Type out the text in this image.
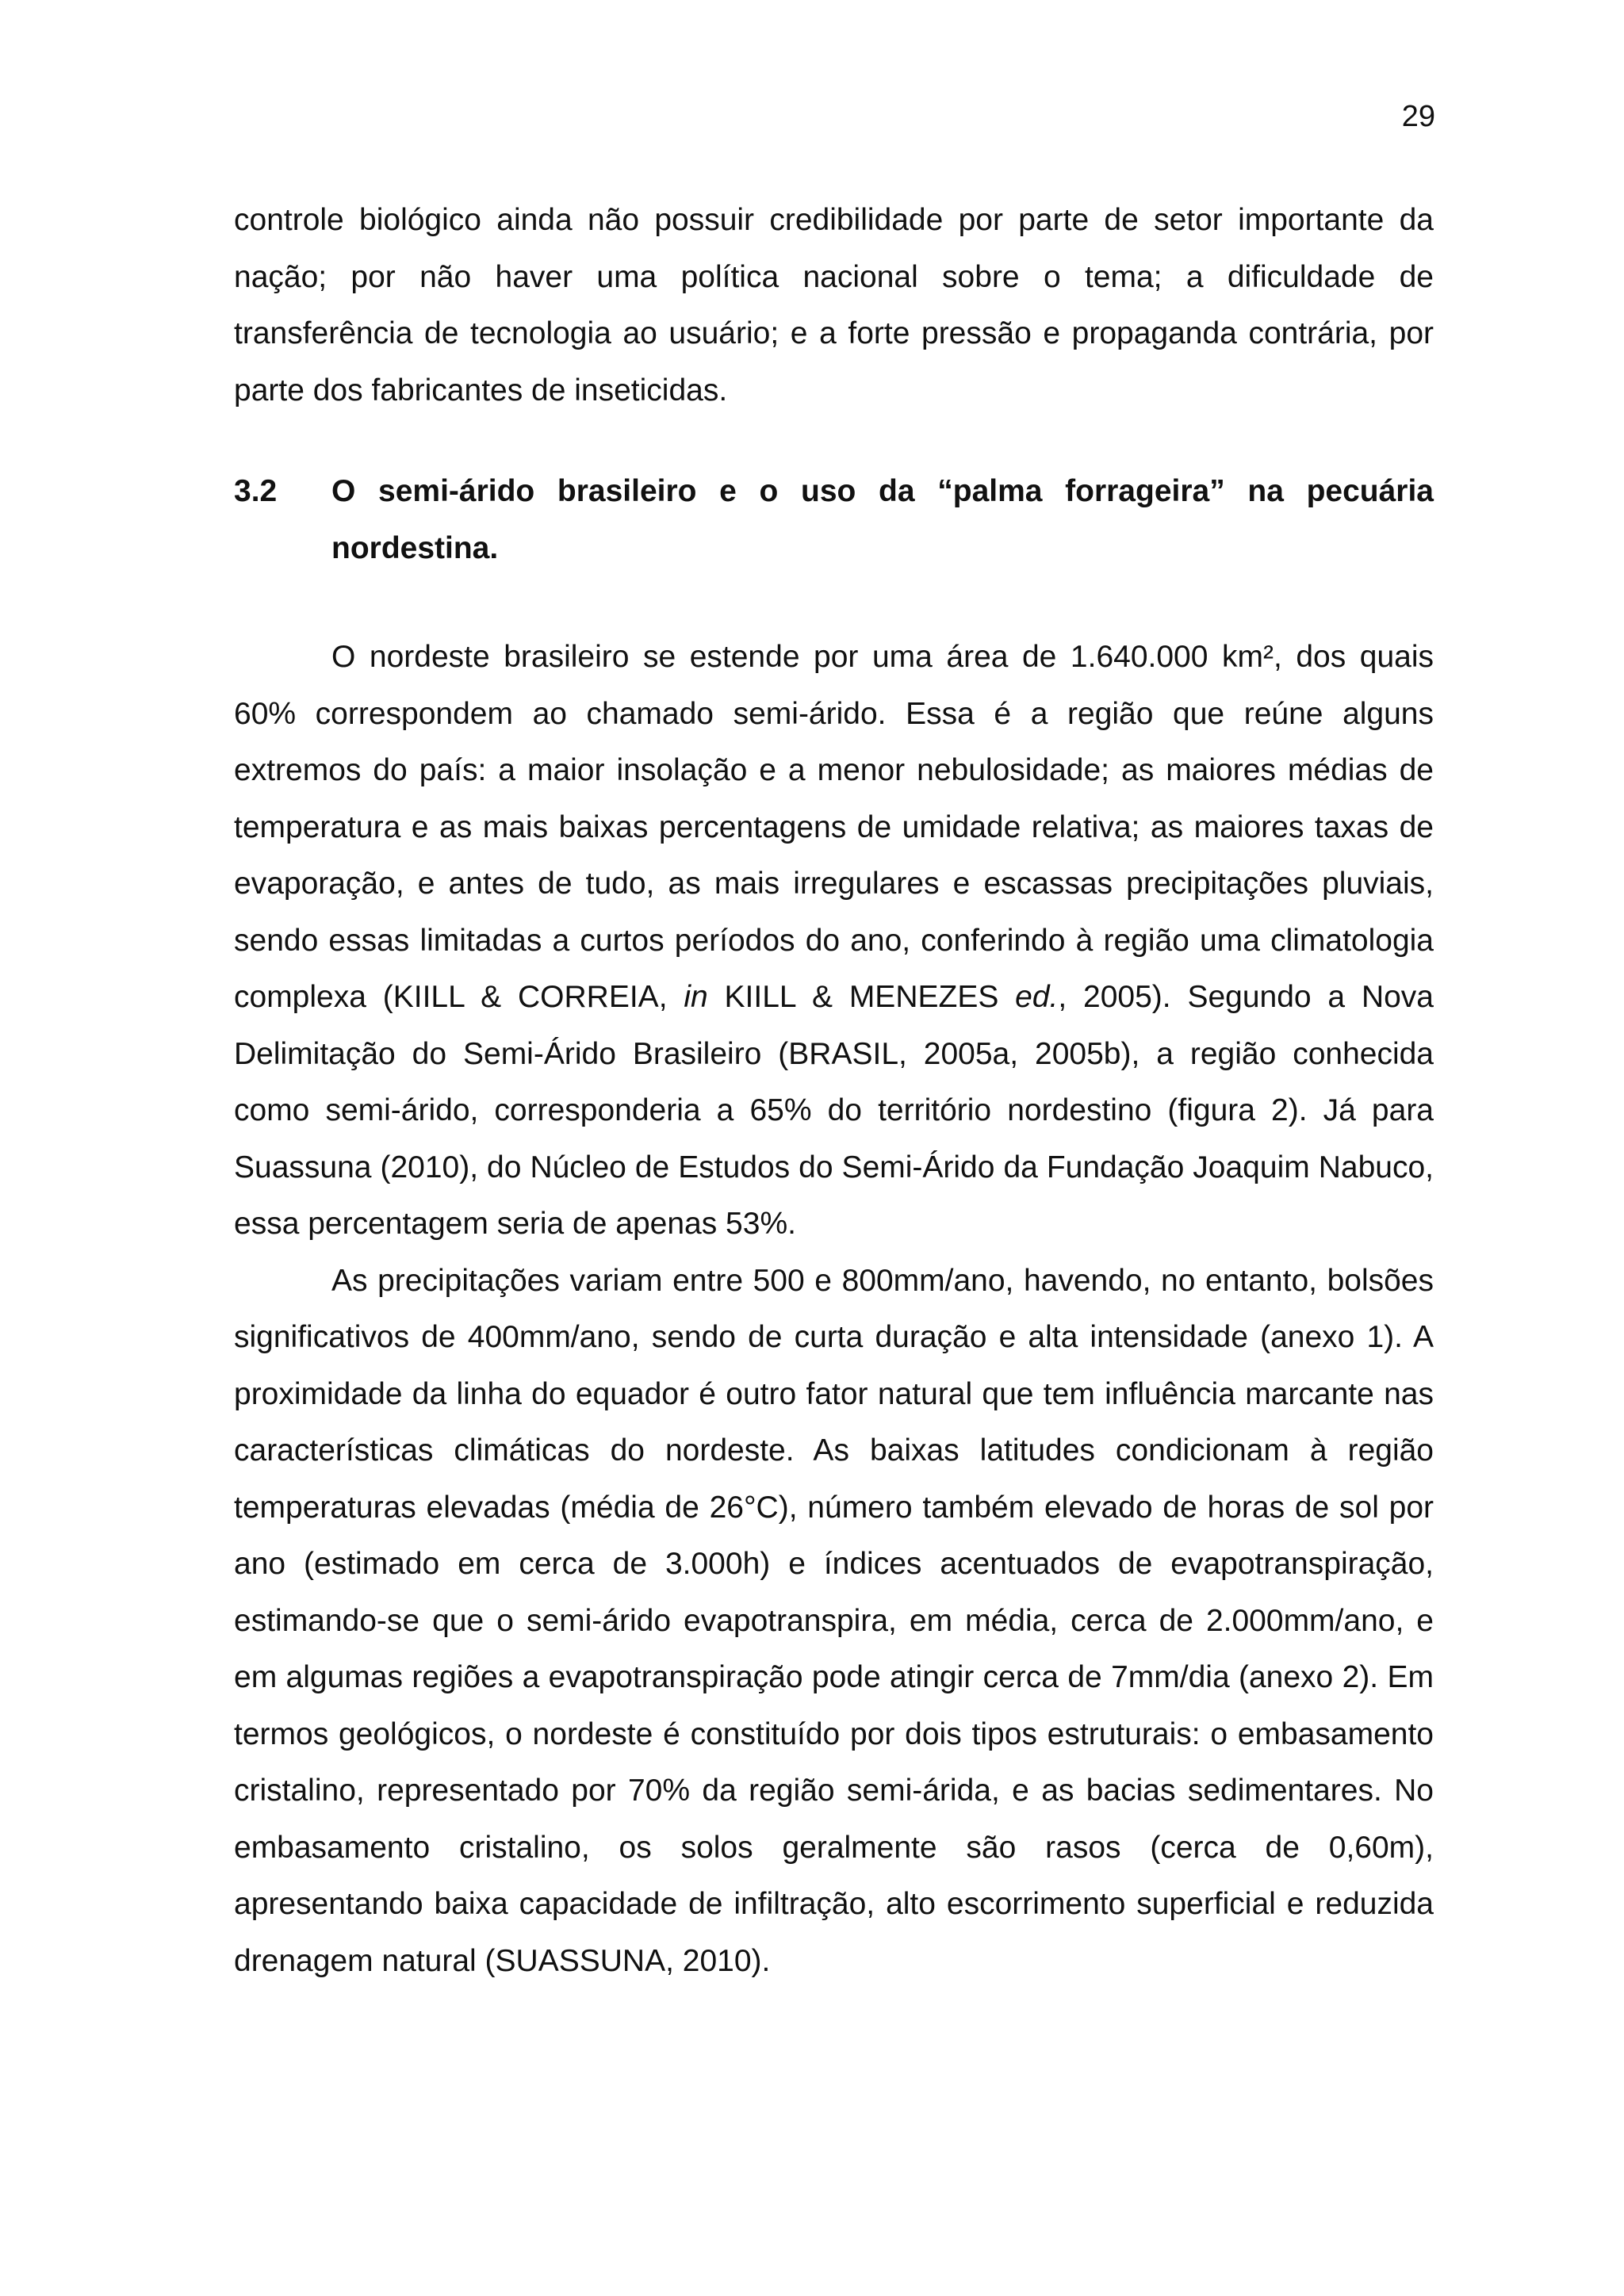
29

controle biológico ainda não possuir credibilidade por parte de setor importante da nação; por não haver uma política nacional sobre o tema; a dificuldade de transferência de tecnologia ao usuário; e a forte pressão e propaganda contrária, por parte dos fabricantes de inseticidas.

3.2	O semi-árido brasileiro e o uso da “palma forrageira” na pecuária nordestina.

O nordeste brasileiro se estende por uma área de 1.640.000 km², dos quais 60% correspondem ao chamado semi-árido. Essa é a região que reúne alguns extremos do país: a maior insolação e a menor nebulosidade; as maiores médias de temperatura e as mais baixas percentagens de umidade relativa; as maiores taxas de evaporação, e antes de tudo, as mais irregulares e escassas precipitações pluviais, sendo essas limitadas a curtos períodos do ano, conferindo à região uma climatologia complexa (KIILL & CORREIA, in KIILL & MENEZES ed., 2005). Segundo a Nova Delimitação do Semi-Árido Brasileiro (BRASIL, 2005a, 2005b), a região conhecida como semi-árido, corresponderia a 65% do território nordestino (figura 2). Já para Suassuna (2010), do Núcleo de Estudos do Semi-Árido da Fundação Joaquim Nabuco, essa percentagem seria de apenas 53%.

As precipitações variam entre 500 e 800mm/ano, havendo, no entanto, bolsões significativos de 400mm/ano, sendo de curta duração e alta intensidade (anexo 1). A proximidade da linha do equador é outro fator natural que tem influência marcante nas características climáticas do nordeste. As baixas latitudes condicionam à região temperaturas elevadas (média de 26°C), número também elevado de horas de sol por ano (estimado em cerca de 3.000h) e índices acentuados de evapotranspiração, estimando-se que o semi-árido evapotranspira, em média, cerca de 2.000mm/ano, e em algumas regiões a evapotranspiração pode atingir cerca de 7mm/dia (anexo 2). Em termos geológicos, o nordeste é constituído por dois tipos estruturais: o embasamento cristalino, representado por 70% da região semi-árida, e as bacias sedimentares. No embasamento cristalino, os solos geralmente são rasos (cerca de 0,60m), apresentando baixa capacidade de infiltração, alto escorrimento superficial e reduzida drenagem natural (SUASSUNA, 2010).
